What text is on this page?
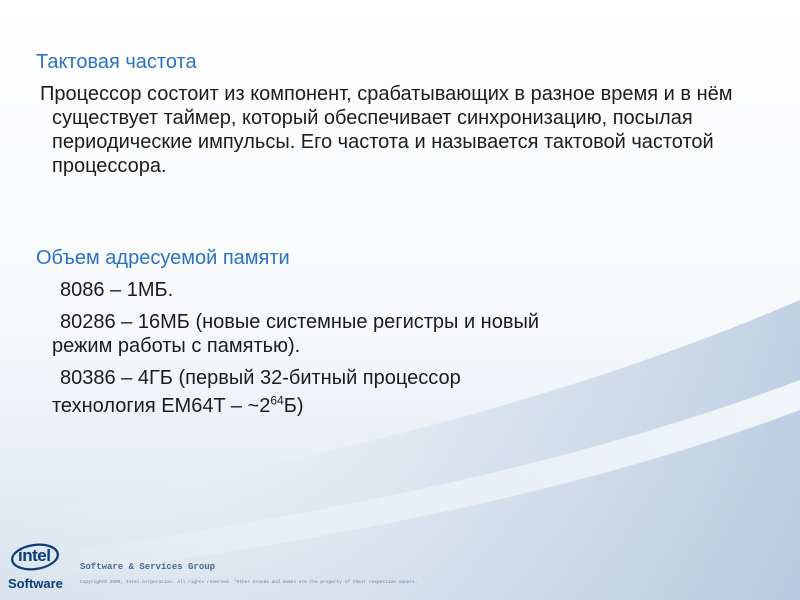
Тактовая частота
Процессор состоит из компонент, срабатывающих в разное время и в нём существует таймер, который обеспечивает синхронизацию, посылая периодические импульсы. Его частота и называется тактовой частотой процессора.
Объем адресуемой памяти
8086 – 1МБ.
80286 – 16МБ (новые системные регистры и новый
режим работы с памятью).
80386 – 4ГБ (первый 32-битный процессор
технология $EM64T - \sim 2^{64}Б$)
intel
Software
Software & Services Group
Copyright© 2009, Intel Corporation. All rights reserved. *Other brands and names are the property of their respective owners.
